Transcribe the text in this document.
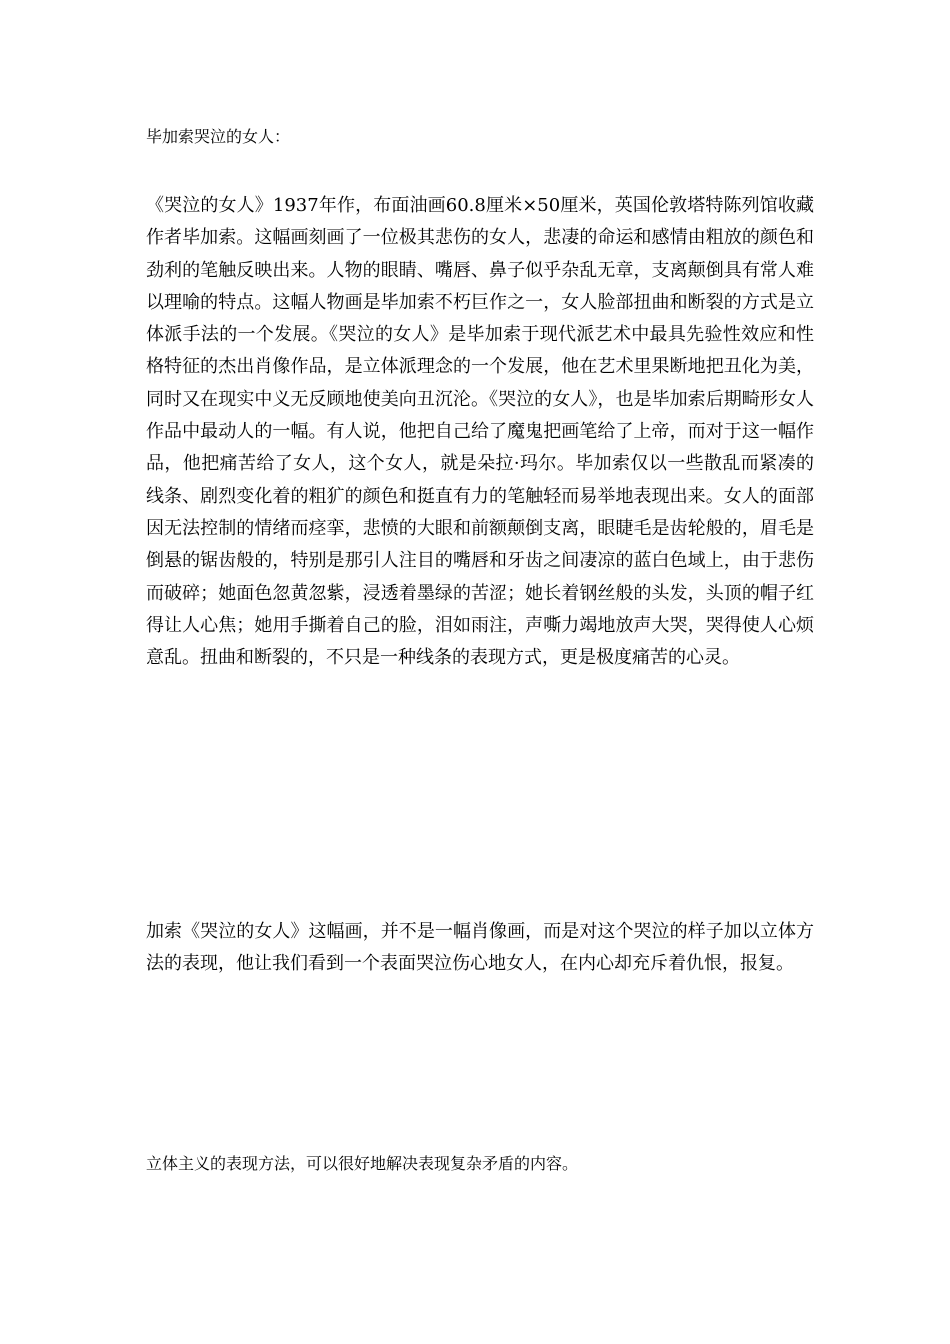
毕加索哭泣的女人：

《哭泣的女人》1937年作，布面油画60.8厘米×50厘米，英国伦敦塔特陈列馆收藏　作者毕加索。这幅画刻画了一位极其悲伤的女人，悲凄的命运和感情由粗放的颜色和劲利的笔触反映出来。人物的眼睛、嘴唇、鼻子似乎杂乱无章，支离颠倒具有常人难以理喻的特点。这幅人物画是毕加索不朽巨作之一，女人脸部扭曲和断裂的方式是立体派手法的一个发展。《哭泣的女人》是毕加索于现代派艺术中最具先验性效应和性格特征的杰出肖像作品，是立体派理念的一个发展，他在艺术里果断地把丑化为美，同时又在现实中义无反顾地使美向丑沉沦。《哭泣的女人》，也是毕加索后期畸形女人作品中最动人的一幅。有人说，他把自己给了魔鬼把画笔给了上帝，而对于这一幅作品，他把痛苦给了女人，这个女人，就是朵拉·玛尔。毕加索仅以一些散乱而紧凑的线条、剧烈变化着的粗犷的颜色和挺直有力的笔触轻而易举地表现出来。女人的面部因无法控制的情绪而痉挛，悲愤的大眼和前额颠倒支离，眼睫毛是齿轮般的，眉毛是倒悬的锯齿般的，特别是那引人注目的嘴唇和牙齿之间凄凉的蓝白色域上，由于悲伤而破碎；她面色忽黄忽紫，浸透着墨绿的苦涩；她长着钢丝般的头发，头顶的帽子红得让人心焦；她用手撕着自己的脸，泪如雨注，声嘶力竭地放声大哭，哭得使人心烦意乱。扭曲和断裂的，不只是一种线条的表现方式，更是极度痛苦的心灵。

加索《哭泣的女人》这幅画，并不是一幅肖像画，而是对这个哭泣的样子加以立体方法的表现，他让我们看到一个表面哭泣伤心地女人，在内心却充斥着仇恨，报复。

立体主义的表现方法，可以很好地解决表现复杂矛盾的内容。
